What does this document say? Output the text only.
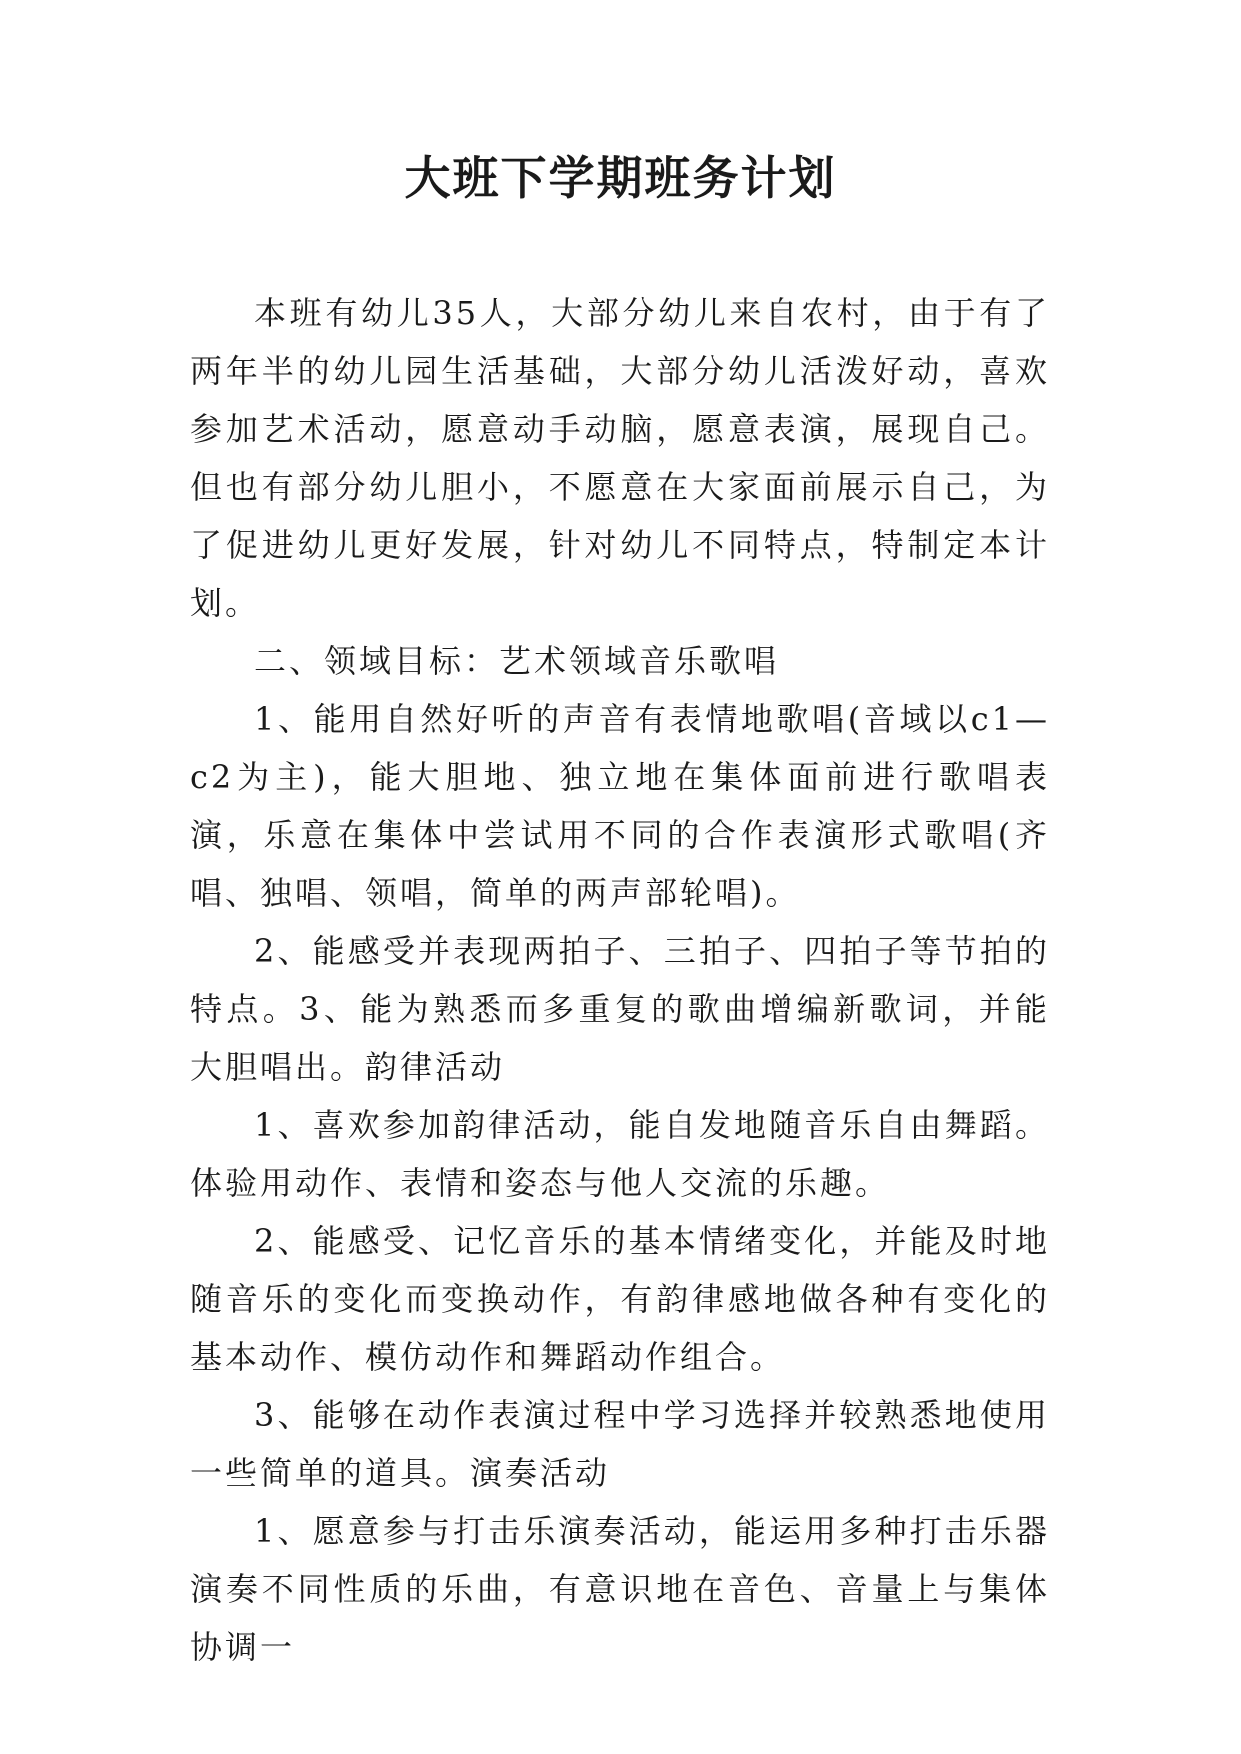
大班下学期班务计划

本班有幼儿35人，大部分幼儿来自农村，由于有了两年半的幼儿园生活基础，大部分幼儿活泼好动，喜欢参加艺术活动，愿意动手动脑，愿意表演，展现自己。但也有部分幼儿胆小，不愿意在大家面前展示自己，为了促进幼儿更好发展，针对幼儿不同特点，特制定本计划。

二、领域目标：艺术领域音乐歌唱

1、能用自然好听的声音有表情地歌唱(音域以c1—c2为主)，能大胆地、独立地在集体面前进行歌唱表演，乐意在集体中尝试用不同的合作表演形式歌唱(齐唱、独唱、领唱，简单的两声部轮唱)。

2、能感受并表现两拍子、三拍子、四拍子等节拍的特点。3、能为熟悉而多重复的歌曲增编新歌词，并能大胆唱出。韵律活动

1、喜欢参加韵律活动，能自发地随音乐自由舞蹈。体验用动作、表情和姿态与他人交流的乐趣。

2、能感受、记忆音乐的基本情绪变化，并能及时地随音乐的变化而变换动作，有韵律感地做各种有变化的基本动作、模仿动作和舞蹈动作组合。

3、能够在动作表演过程中学习选择并较熟悉地使用一些简单的道具。演奏活动

1、愿意参与打击乐演奏活动，能运用多种打击乐器演奏不同性质的乐曲，有意识地在音色、音量上与集体协调一
